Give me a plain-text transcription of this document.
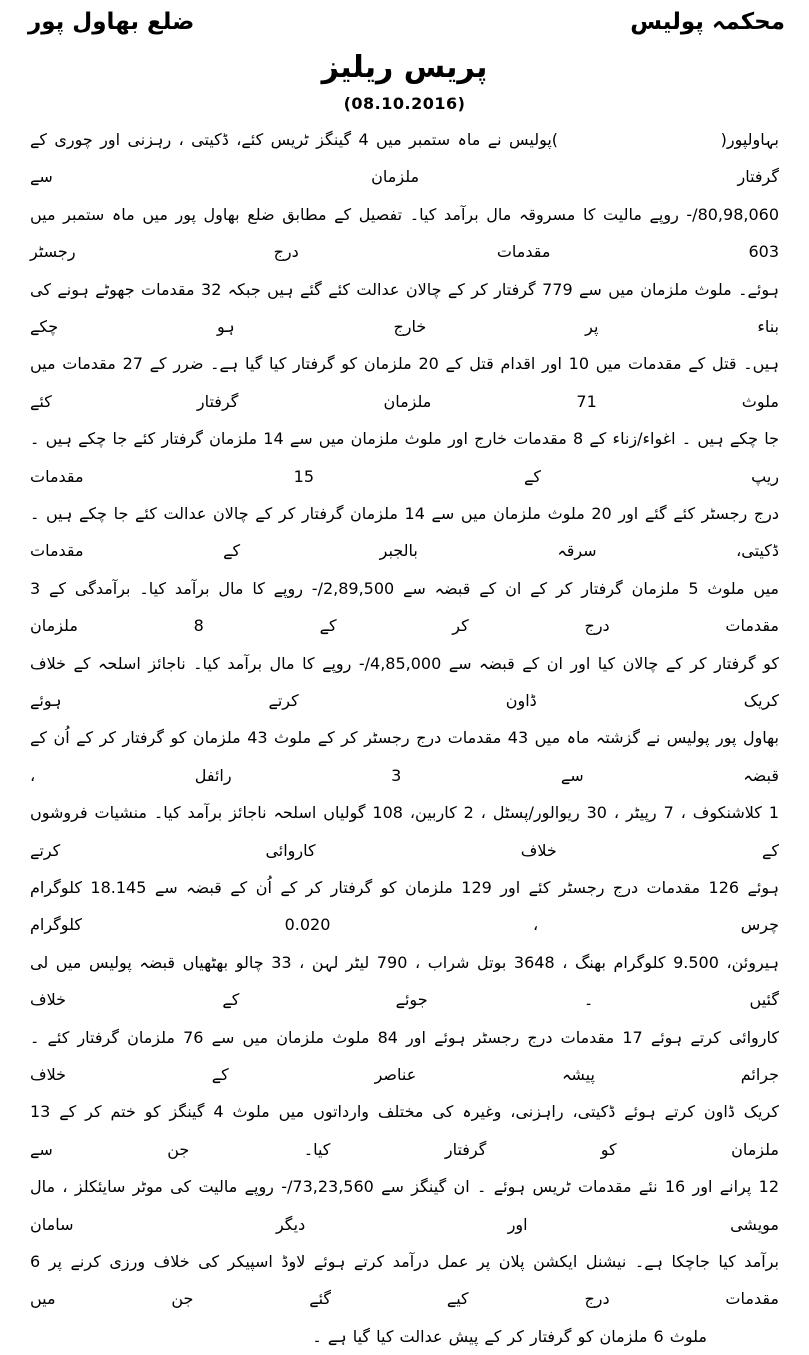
محکمہ پولیس
ضلع بھاول پور
پریس ریلیز
(08.10.2016)
بہاولپور(                      )پولیس نے ماہ ستمبر میں 4 گینگز ٹریس کئے، ڈکیتی ، رہزنی اور چوری کے گرفتار ملزمان سے
80,98,060/- روپے مالیت کا مسروقہ مال برآمد کیا۔ تفصیل کے مطابق ضلع بھاول پور میں ماہ ستمبر میں 603 مقدمات درج رجسٹر
ہوئے۔ ملوث ملزمان میں سے 779 گرفتار کر کے چالان عدالت کئے گئے ہیں جبکہ 32 مقدمات جھوٹے ہونے کی بناء پر خارج ہو چکے
ہیں۔ قتل کے مقدمات میں 10 اور اقدام قتل کے 20 ملزمان کو گرفتار کیا گیا ہے۔ ضرر کے 27 مقدمات میں ملوث 71 ملزمان گرفتار کئے
جا چکے ہیں ۔ اغواء/زناء کے 8 مقدمات خارج اور ملوث ملزمان میں سے 14 ملزمان گرفتار کئے جا چکے ہیں ۔ ریپ کے 15 مقدمات
درج رجسٹر کئے گئے اور 20 ملوث ملزمان میں سے 14 ملزمان گرفتار کر کے چالان عدالت کئے جا چکے ہیں ۔ ڈکیتی، سرقہ بالجبر کے مقدمات
میں ملوث 5 ملزمان گرفتار کر کے ان کے قبضہ سے 2,89,500/- روپے کا مال برآمد کیا۔ برآمدگی کے 3 مقدمات درج کر کے 8 ملزمان
کو گرفتار کر کے چالان کیا اور ان کے قبضہ سے 4,85,000/- روپے کا مال برآمد کیا۔ ناجائز اسلحہ کے خلاف کریک ڈاون کرتے ہوئے
بھاول پور پولیس نے گزشتہ ماہ میں 43 مقدمات درج رجسٹر کر کے ملوث 43 ملزمان کو گرفتار کر کے اُن کے قبضہ سے 3 رائفل ،
1 کلاشنکوف ، 7 رپیٹر ، 30 ریوالور/پسٹل ، 2 کاربین، 108 گولیاں اسلحہ ناجائز برآمد کیا۔ منشیات فروشوں کے خلاف کاروائی کرتے
ہوئے 126 مقدمات درج رجسٹر کئے اور 129 ملزمان کو گرفتار کر کے اُن کے قبضہ سے 18.145 کلوگرام چرس ، 0.020 کلوگرام
ہیروئن، 9.500 کلوگرام بھنگ ، 3648 بوتل شراب ، 790 لیٹر لہن ، 33 چالو بھٹھیاں قبضہ پولیس میں لی گئیں ۔ جوئے کے خلاف
کاروائی کرتے ہوئے 17 مقدمات درج رجسٹر ہوئے اور 84 ملوث ملزمان میں سے 76 ملزمان گرفتار کئے ۔ جرائم پیشہ عناصر کے خلاف
کریک ڈاون کرتے ہوئے ڈکیتی، راہزنی، وغیرہ کی مختلف وارداتوں میں ملوث 4 گینگز کو ختم کر کے 13 ملزمان کو گرفتار کیا۔ جن سے
12 پرانے اور 16 نئے مقدمات ٹریس ہوئے ۔ ان گینگز سے 73,23,560/- روپے مالیت کی موٹر سایئکلز ، مال مویشی اور دیگر سامان
برآمد کیا جاچکا ہے۔ نیشنل ایکشن پلان پر عمل درآمد کرتے ہوئے لاوڈ اسپیکر کی خلاف ورزی کرنے پر 6 مقدمات درج کیے گئے جن میں
ملوث 6 ملزمان کو گرفتار کر کے پیش عدالت کیا گیا ہے ۔
